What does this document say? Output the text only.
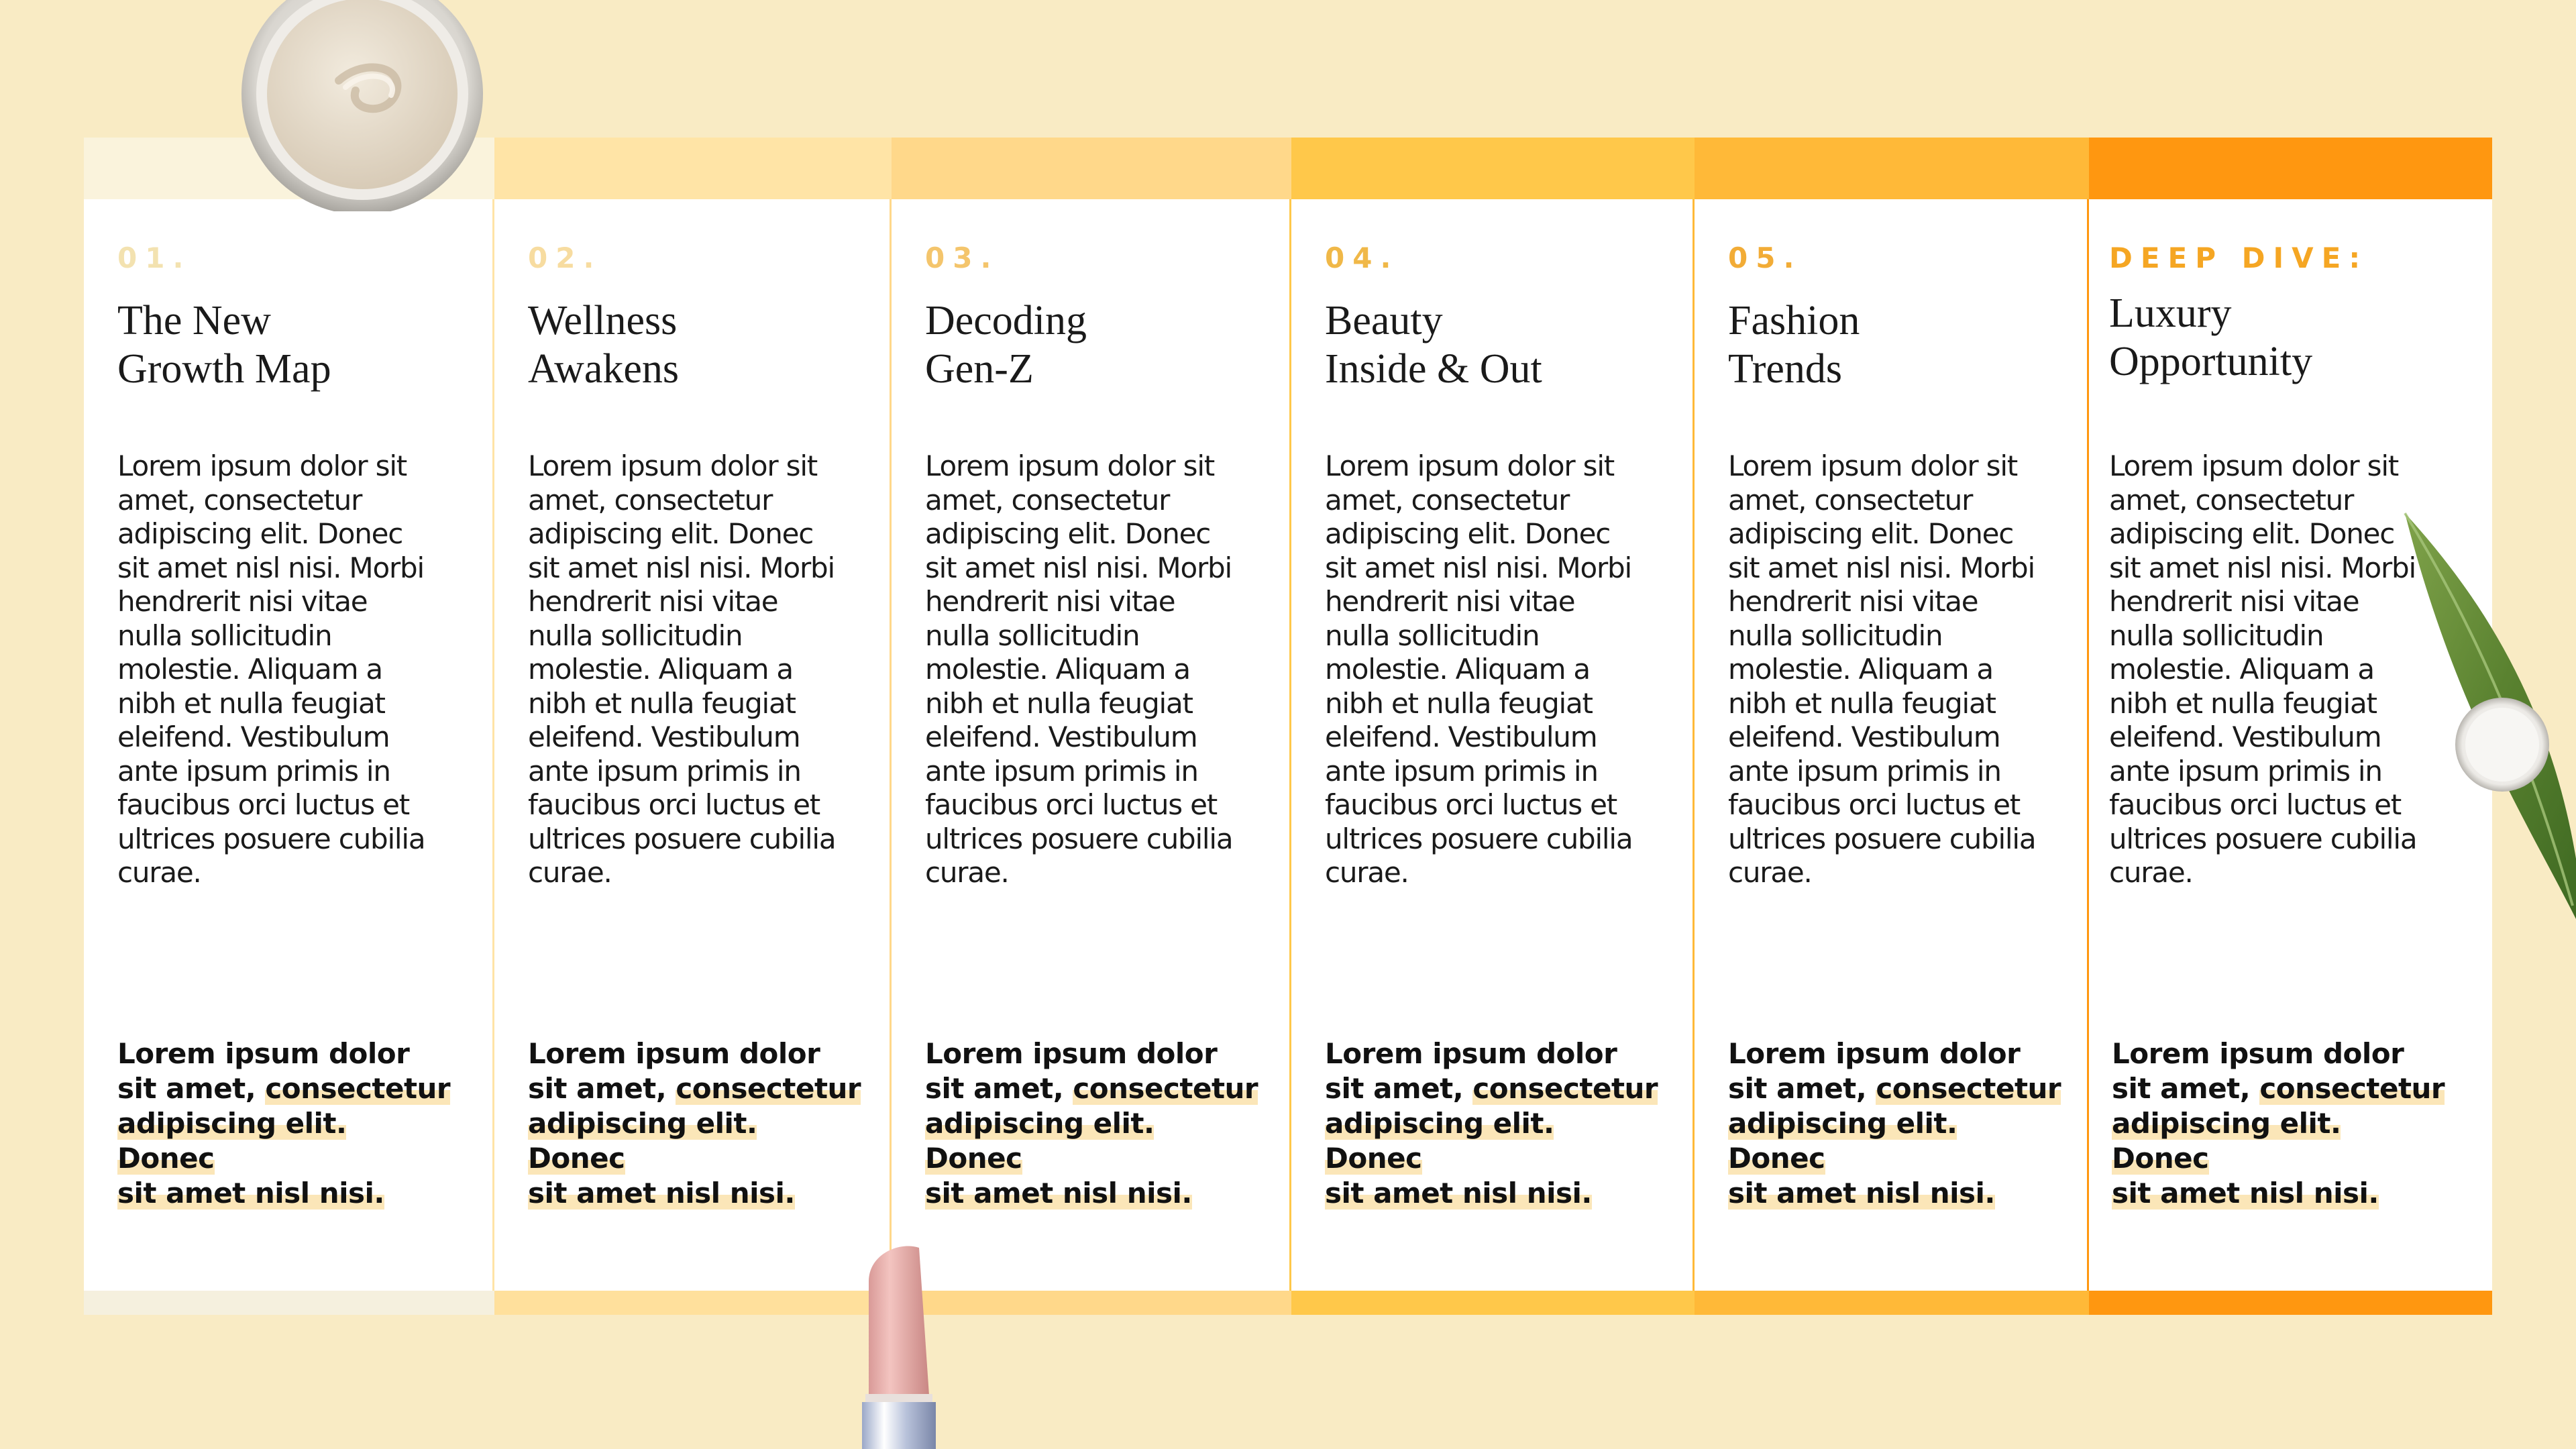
01.
The New
Growth Map
Lorem ipsum dolor sit amet, consectetur adipiscing elit. Donec sit amet nisl nisi. Morbi hendrerit nisi vitae nulla sollicitudin molestie. Aliquam a nibh et nulla feugiat eleifend. Vestibulum ante ipsum primis in faucibus orci luctus et ultrices posuere cubilia curae.
Lorem ipsum dolor
sit amet, consectetur
adipiscing elit. Donec
sit amet nisl nisi.
02.
Wellness
Awakens
Lorem ipsum dolor sit amet, consectetur adipiscing elit. Donec sit amet nisl nisi. Morbi hendrerit nisi vitae nulla sollicitudin molestie. Aliquam a nibh et nulla feugiat eleifend. Vestibulum ante ipsum primis in faucibus orci luctus et ultrices posuere cubilia curae.
Lorem ipsum dolor
sit amet, consectetur
adipiscing elit. Donec
sit amet nisl nisi.
03.
Decoding
Gen-Z
Lorem ipsum dolor sit amet, consectetur adipiscing elit. Donec sit amet nisl nisi. Morbi hendrerit nisi vitae nulla sollicitudin molestie. Aliquam a nibh et nulla feugiat eleifend. Vestibulum ante ipsum primis in faucibus orci luctus et ultrices posuere cubilia curae.
Lorem ipsum dolor
sit amet, consectetur
adipiscing elit. Donec
sit amet nisl nisi.
04.
Beauty
Inside & Out
Lorem ipsum dolor sit amet, consectetur adipiscing elit. Donec sit amet nisl nisi. Morbi hendrerit nisi vitae nulla sollicitudin molestie. Aliquam a nibh et nulla feugiat eleifend. Vestibulum ante ipsum primis in faucibus orci luctus et ultrices posuere cubilia curae.
Lorem ipsum dolor
sit amet, consectetur
adipiscing elit. Donec
sit amet nisl nisi.
05.
Fashion
Trends
Lorem ipsum dolor sit amet, consectetur adipiscing elit. Donec sit amet nisl nisi. Morbi hendrerit nisi vitae nulla sollicitudin molestie. Aliquam a nibh et nulla feugiat eleifend. Vestibulum ante ipsum primis in faucibus orci luctus et ultrices posuere cubilia curae.
Lorem ipsum dolor
sit amet, consectetur
adipiscing elit. Donec
sit amet nisl nisi.
DEEP DIVE:
Luxury
Opportunity
Lorem ipsum dolor sit amet, consectetur adipiscing elit. Donec sit amet nisl nisi. Morbi hendrerit nisi vitae nulla sollicitudin molestie. Aliquam a nibh et nulla feugiat eleifend. Vestibulum ante ipsum primis in faucibus orci luctus et ultrices posuere cubilia curae.
Lorem ipsum dolor
sit amet, consectetur
adipiscing elit. Donec
sit amet nisl nisi.
